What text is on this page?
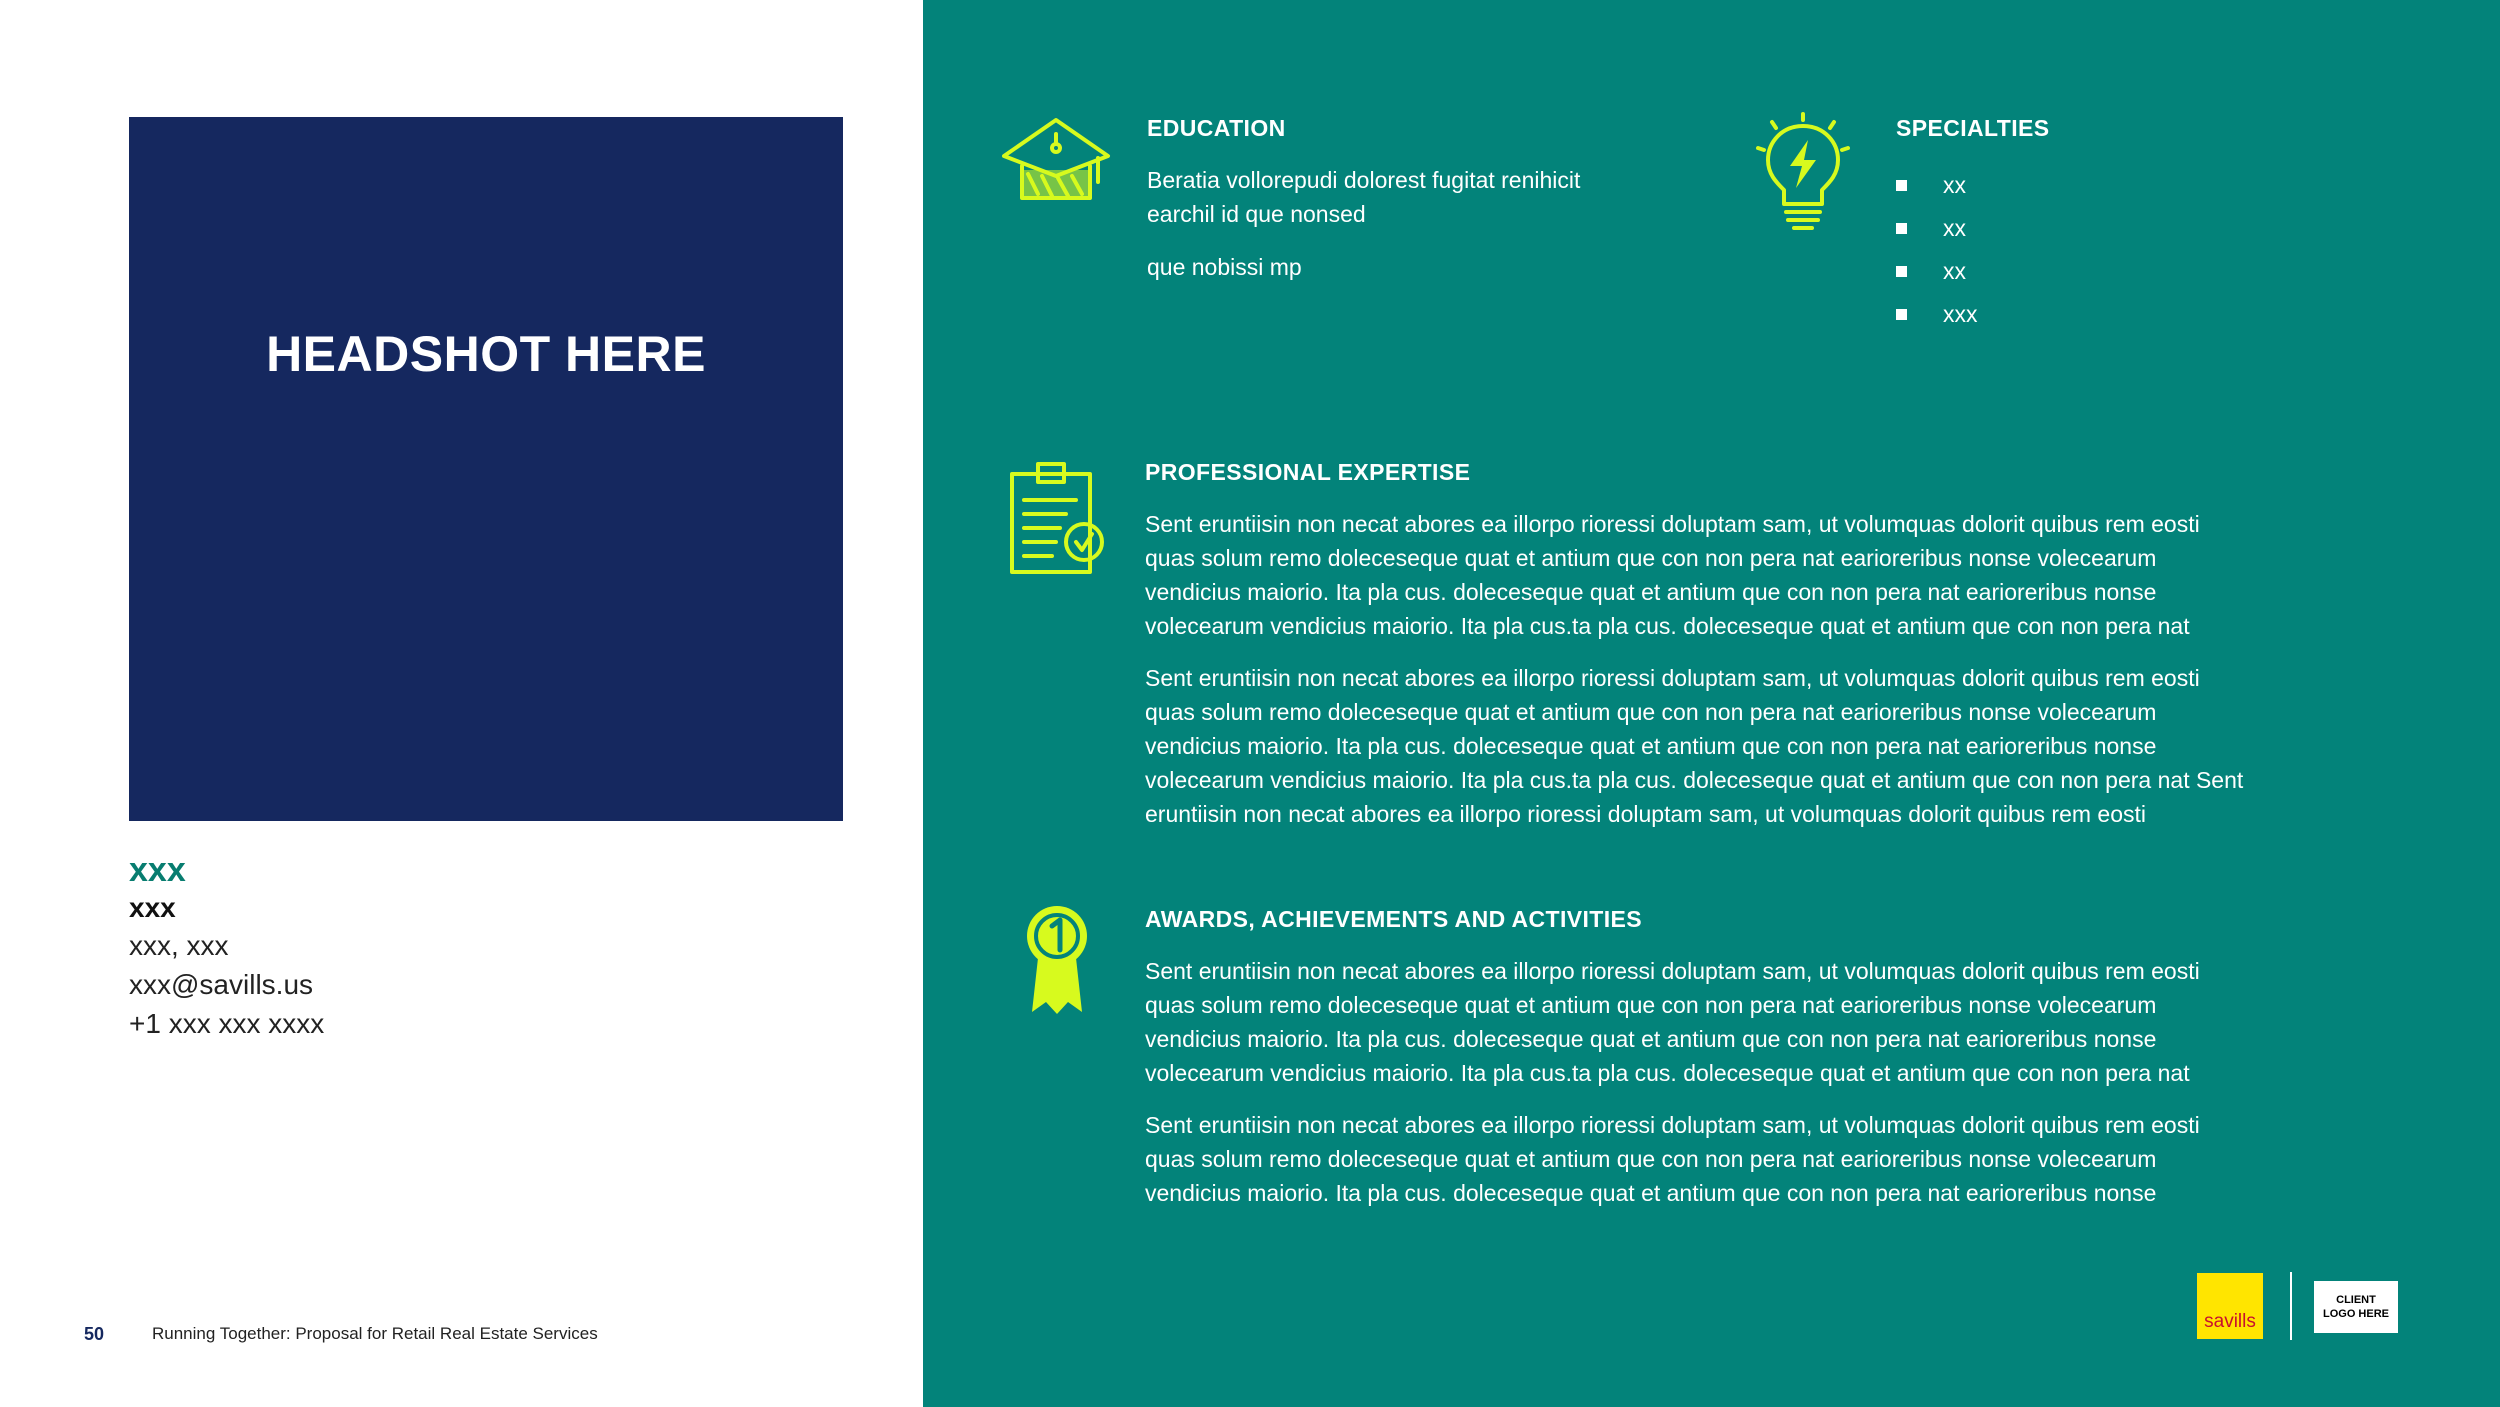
HEADSHOT HERE
xxx
xxx
xxx, xxx
xxx@savills.us
+1 xxx xxx xxxx
50	Running Together: Proposal for Retail Real Estate Services
EDUCATION
Beratia vollorepudi dolorest fugitat renihicit
earchil id que nonsed
que nobissi mp
SPECIALTIES
xx
xx
xx
xxx
PROFESSIONAL EXPERTISE
Sent eruntiisin non necat abores ea illorpo rioressi doluptam sam, ut volumquas dolorit quibus rem eosti
quas solum remo doleceseque quat et antium que con non pera nat earioreribus nonse volecearum
vendicius maiorio. Ita pla cus. doleceseque quat et antium que con non pera nat earioreribus nonse
volecearum vendicius maiorio. Ita pla cus.ta pla cus. doleceseque quat et antium que con non pera nat
Sent eruntiisin non necat abores ea illorpo rioressi doluptam sam, ut volumquas dolorit quibus rem eosti
quas solum remo doleceseque quat et antium que con non pera nat earioreribus nonse volecearum
vendicius maiorio. Ita pla cus. doleceseque quat et antium que con non pera nat earioreribus nonse
volecearum vendicius maiorio. Ita pla cus.ta pla cus. doleceseque quat et antium que con non pera nat Sent
eruntiisin non necat abores ea illorpo rioressi doluptam sam, ut volumquas dolorit quibus rem eosti
AWARDS, ACHIEVEMENTS AND ACTIVITIES
Sent eruntiisin non necat abores ea illorpo rioressi doluptam sam, ut volumquas dolorit quibus rem eosti
quas solum remo doleceseque quat et antium que con non pera nat earioreribus nonse volecearum
vendicius maiorio. Ita pla cus. doleceseque quat et antium que con non pera nat earioreribus nonse
volecearum vendicius maiorio. Ita pla cus.ta pla cus. doleceseque quat et antium que con non pera nat
Sent eruntiisin non necat abores ea illorpo rioressi doluptam sam, ut volumquas dolorit quibus rem eosti
quas solum remo doleceseque quat et antium que con non pera nat earioreribus nonse volecearum
vendicius maiorio. Ita pla cus. doleceseque quat et antium que con non pera nat earioreribus nonse
savills
CLIENT
LOGO HERE
